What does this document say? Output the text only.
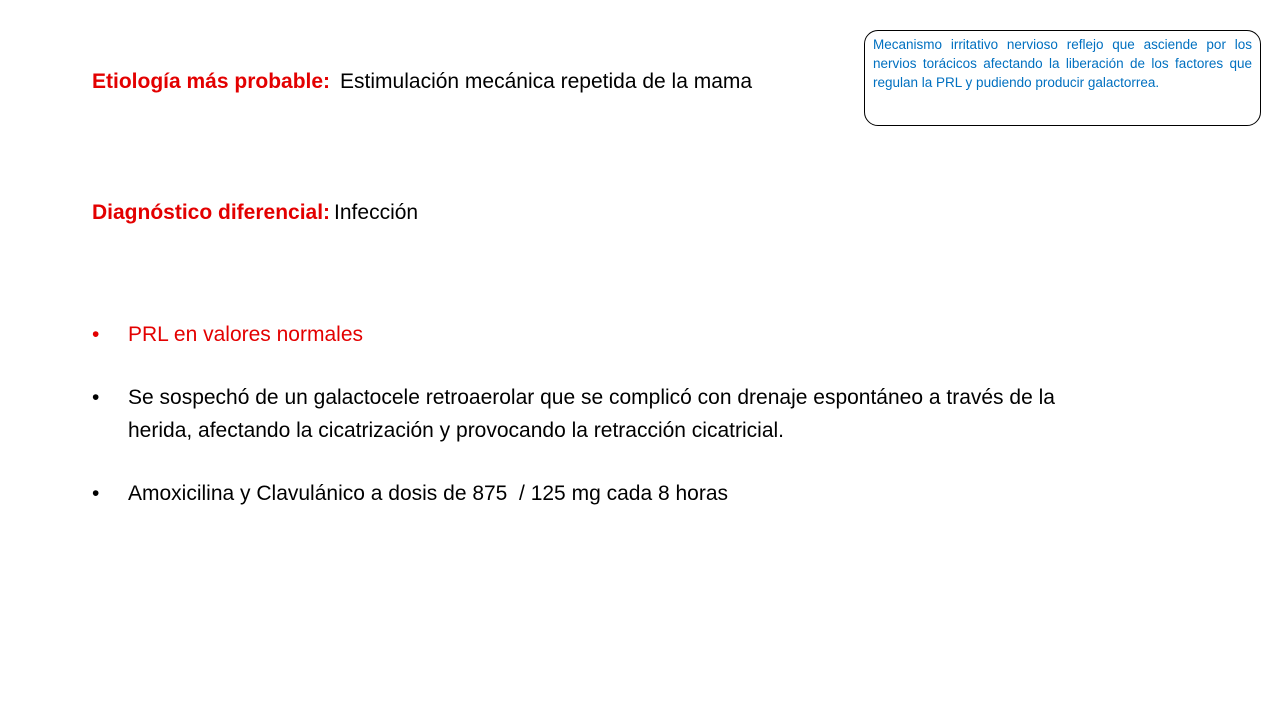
Mecanismo irritativo nervioso reflejo que asciende por los nervios torácicos afectando la liberación de los factores que regulan la PRL y pudiendo producir galactorrea.
Etiología más probable: Estimulación mecánica repetida de la mama
Diagnóstico diferencial: Infección
• PRL en valores normales
• Se sospechó de un galactocele retroaerolar que se complicó con drenaje espontáneo a través de la herida, afectando la cicatrización y provocando la retracción cicatricial.
• Amoxicilina y Clavulánico a dosis de 875  / 125 mg cada 8 horas
